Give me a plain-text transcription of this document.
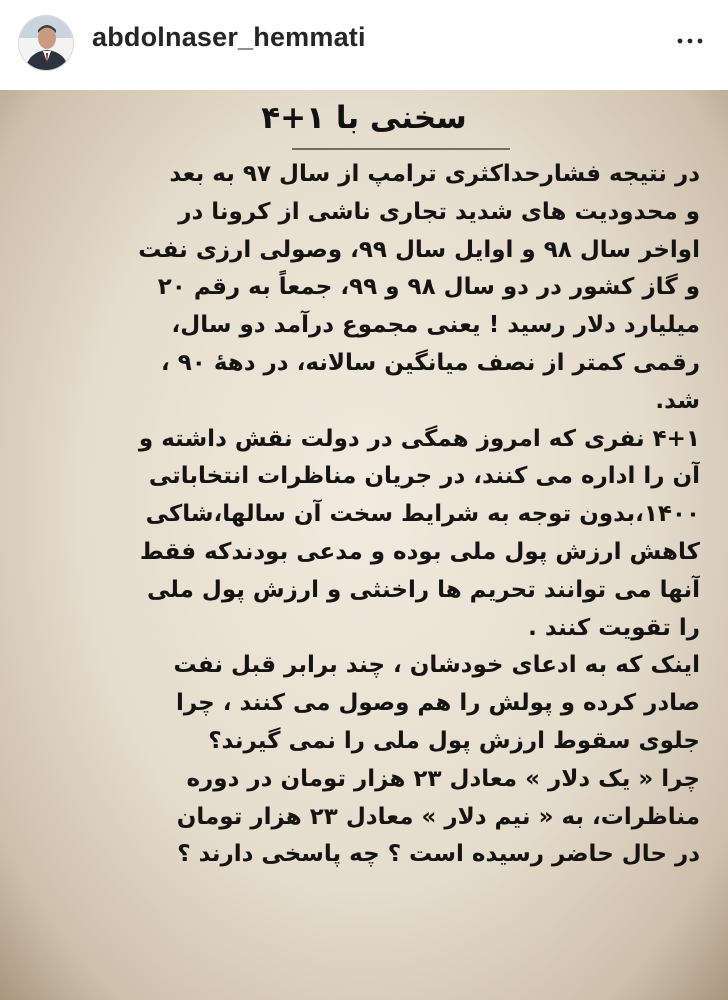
abdolnaser_hemmati
سخنی با ۱+۴
در نتیجه فشارحداکثری ترامپ از سال ۹۷ به بعد
و محدودیت های شدید تجاری ناشی از کرونا در
اواخر سال ۹۸ و اوایل سال ۹۹، وصولی ارزی نفت
و گاز کشور در دو سال ۹۸ و ۹۹، جمعاً به رقم ۲۰
میلیارد دلار رسید ! یعنی مجموع درآمد دو سال،
رقمی کمتر از نصف میانگین سالانه، در دههٔ ۹۰ ،
شد.
۴+۱ نفری که امروز همگی در دولت نقش داشته و
آن را اداره می کنند، در جریان مناظرات انتخاباتی
۱۴۰۰،بدون توجه به شرایط سخت آن سالها،شاکی
کاهش ارزش پول ملی بوده و مدعی بودندکه فقط
آنها می توانند تحریم ها راخنثی و ارزش پول ملی
را تقویت کنند .
اینک که به ادعای خودشان ، چند برابر قبل نفت
صادر کرده و پولش را هم وصول می کنند ، چرا
جلوی سقوط ارزش پول ملی را نمی گیرند؟
چرا « یک دلار » معادل ۲۳ هزار تومان در دوره
مناظرات، به « نیم دلار » معادل ۲۳ هزار تومان
در حال حاضر رسیده است ؟ چه پاسخی دارند ؟
